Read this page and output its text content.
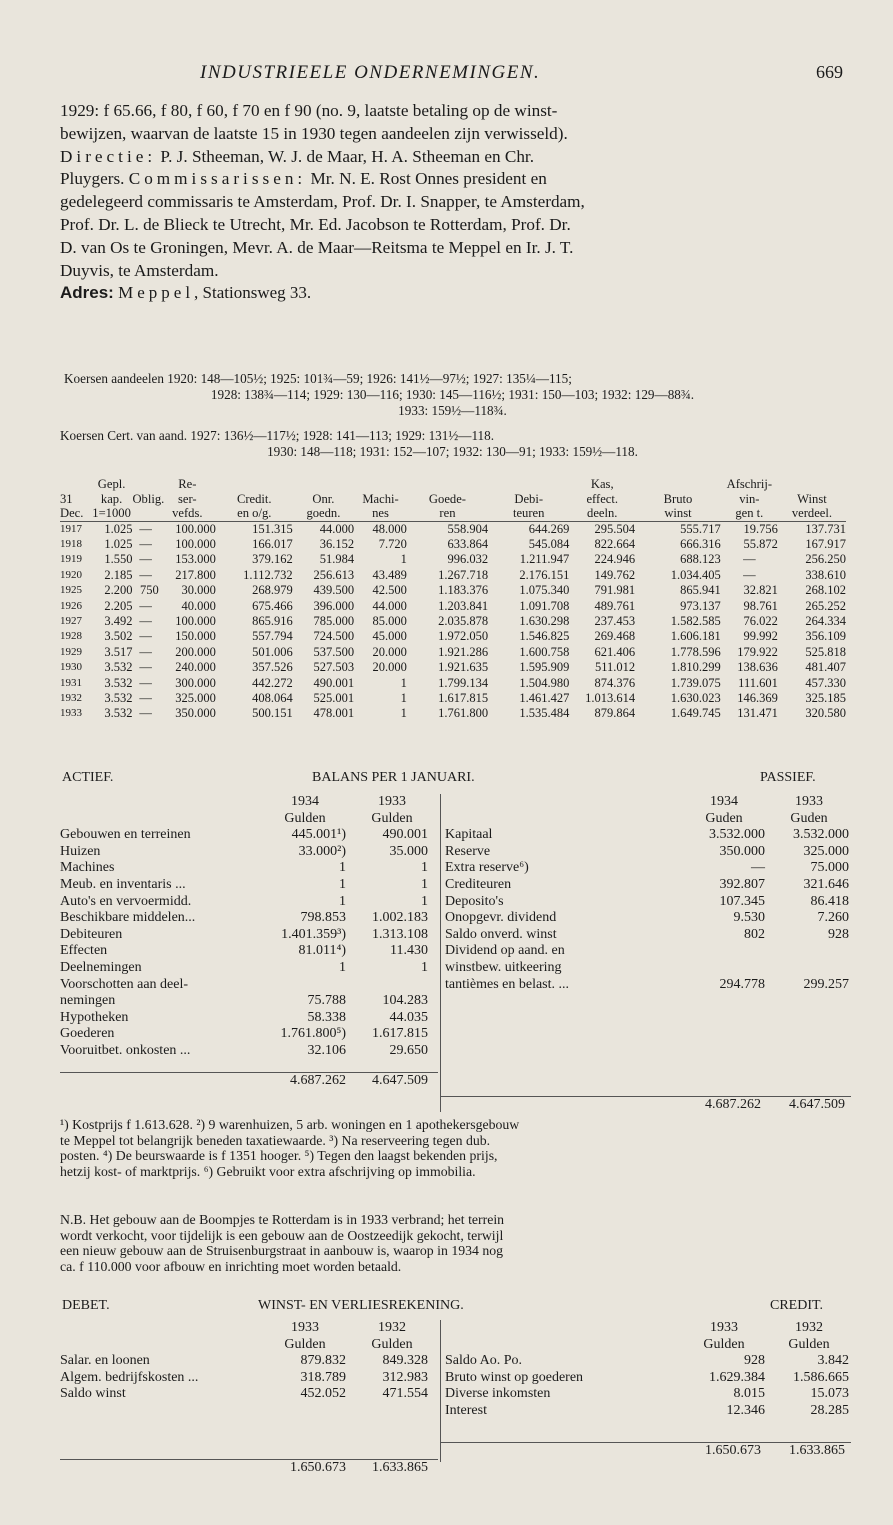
INDUSTRIEELE ONDERNEMINGEN.	669

1929: f 65.66, f 80, f 60, f 70 en f 90 (no. 9, laatste betaling op de winst-

bewijzen, waarvan de laatste 15 in 1930 tegen aandeelen zijn verwisseld).

Directie: P. J. Stheeman, W. J. de Maar, H. A. Stheeman en Chr.

Pluygers. Commissarissen: Mr. N. E. Rost Onnes president en

gedelegeerd commissaris te Amsterdam, Prof. Dr. I. Snapper, te Amsterdam,

Prof. Dr. L. de Blieck te Utrecht, Mr. Ed. Jacobson te Rotterdam, Prof. Dr.

D. van Os te Groningen, Mevr. A. de Maar—Reitsma te Meppel en Ir. J. T.

Duyvis, te Amsterdam.

Adres: Meppel, Stationsweg 33.

Koersen aandeelen 1920: 148—105½; 1925: 101¾—59; 1926: 141½—97½; 1927: 135¼—115;
1928: 138¾—114; 1929: 130—116; 1930: 145—116½; 1931: 150—103; 1932: 129—88¾.
1933: 159½—118¾.
Koersen Cert. van aand. 1927: 136½—117½; 1928: 141—113; 1929: 131½—118.
1930: 148—118; 1931: 152—107; 1932: 130—91; 1933: 159½—118.
	Gepl.		Re-						Kas,		Afschrij-	
31	kap.	Oblig.	ser-	Credit.	Onr.	Machi-	Goede-	Debi-	effect.	Bruto	vin-	Winst
Dec.	1=1000		vefds.	en o/g.	goedn.	nes	ren	teuren	deeln.	winst	gen t.	verdeel.

1917	1.025	—	100.000	151.315	44.000	48.000	558.904	644.269	295.504	555.717	19.756	137.731
1918	1.025	—	100.000	166.017	36.152	7.720	633.864	545.084	822.664	666.316	55.872	167.917
1919	1.550	—	153.000	379.162	51.984	1	996.032	1.211.947	224.946	688.123	—	256.250
1920	2.185	—	217.800	1.112.732	256.613	43.489	1.267.718	2.176.151	149.762	1.034.405	—	338.610
1925	2.200	750	30.000	268.979	439.500	42.500	1.183.376	1.075.340	791.981	865.941	32.821	268.102
1926	2.205	—	40.000	675.466	396.000	44.000	1.203.841	1.091.708	489.761	973.137	98.761	265.252
1927	3.492	—	100.000	865.916	785.000	85.000	2.035.878	1.630.298	237.453	1.582.585	76.022	264.334
1928	3.502	—	150.000	557.794	724.500	45.000	1.972.050	1.546.825	269.468	1.606.181	99.992	356.109
1929	3.517	—	200.000	501.006	537.500	20.000	1.921.286	1.600.758	621.406	1.778.596	179.922	525.818
1930	3.532	—	240.000	357.526	527.503	20.000	1.921.635	1.595.909	511.012	1.810.299	138.636	481.407
1931	3.532	—	300.000	442.272	490.001	1	1.799.134	1.504.980	874.376	1.739.075	111.601	457.330
1932	3.532	—	325.000	408.064	525.001	1	1.617.815	1.461.427	1.013.614	1.630.023	146.369	325.185
1933	3.532	—	350.000	500.151	478.001	1	1.761.800	1.535.484	879.864	1.649.745	131.471	320.580
ACTIEF.	BALANS PER 1 JANUARI.	PASSIEF.
1934	1933
Gulden	Gulden
Gebouwen en terreinen	445.001¹)	490.001
Huizen	33.000²)	35.000
Machines	1	1
Meub. en inventaris ...	1	1
Auto's en vervoermidd.	1	1
Beschikbare middelen...	798.853	1.002.183
Debiteuren	1.401.359³)	1.313.108
Effecten	81.011⁴)	11.430
Deelnemingen	1	1
Voorschotten aan deel-
nemingen	75.788	104.283
Hypotheken	58.338	44.035
Goederen	1.761.800⁵)	1.617.815
Vooruitbet. onkosten ...	32.106	29.650
4.687.262	4.647.509
1934	1933
Guden	Guden
Kapitaal	3.532.000	3.532.000
Reserve	350.000	325.000
Extra reserve⁶)	—	75.000
Crediteuren	392.807	321.646
Deposito's	107.345	86.418
Onopgevr. dividend	9.530	7.260
Saldo onverd. winst	802	928
Dividend op aand. en
winstbew. uitkeering
tantièmes en belast. ...	294.778	299.257
4.687.262	4.647.509

¹) Kostprijs f 1.613.628. ²) 9 warenhuizen, 5 arb. woningen en 1 apothekersgebouw

te Meppel tot belangrijk beneden taxatiewaarde. ³) Na reserveering tegen dub.

posten. ⁴) De beurswaarde is f 1351 hooger. ⁵) Tegen den laagst bekenden prijs,

hetzij kost- of marktprijs. ⁶) Gebruikt voor extra afschrijving op immobilia.

N.B. Het gebouw aan de Boompjes te Rotterdam is in 1933 verbrand; het terrein

wordt verkocht, voor tijdelijk is een gebouw aan de Oostzeedijk gekocht, terwijl

een nieuw gebouw aan de Struisenburgstraat in aanbouw is, waarop in 1934 nog

ca. f 110.000 voor afbouw en inrichting moet worden betaald.

DEBET.	WINST- EN VERLIESREKENING.	CREDIT.
1933	1932
Gulden	Gulden
Salar. en loonen	879.832	849.328
Algem. bedrijfskosten ...	318.789	312.983
Saldo winst	452.052	471.554
1.650.673	1.633.865
1933	1932
Gulden	Gulden
Saldo Ao. Po.	928	3.842
Bruto winst op goederen	1.629.384	1.586.665
Diverse inkomsten	8.015	15.073
Interest	12.346	28.285
1.650.673	1.633.865
